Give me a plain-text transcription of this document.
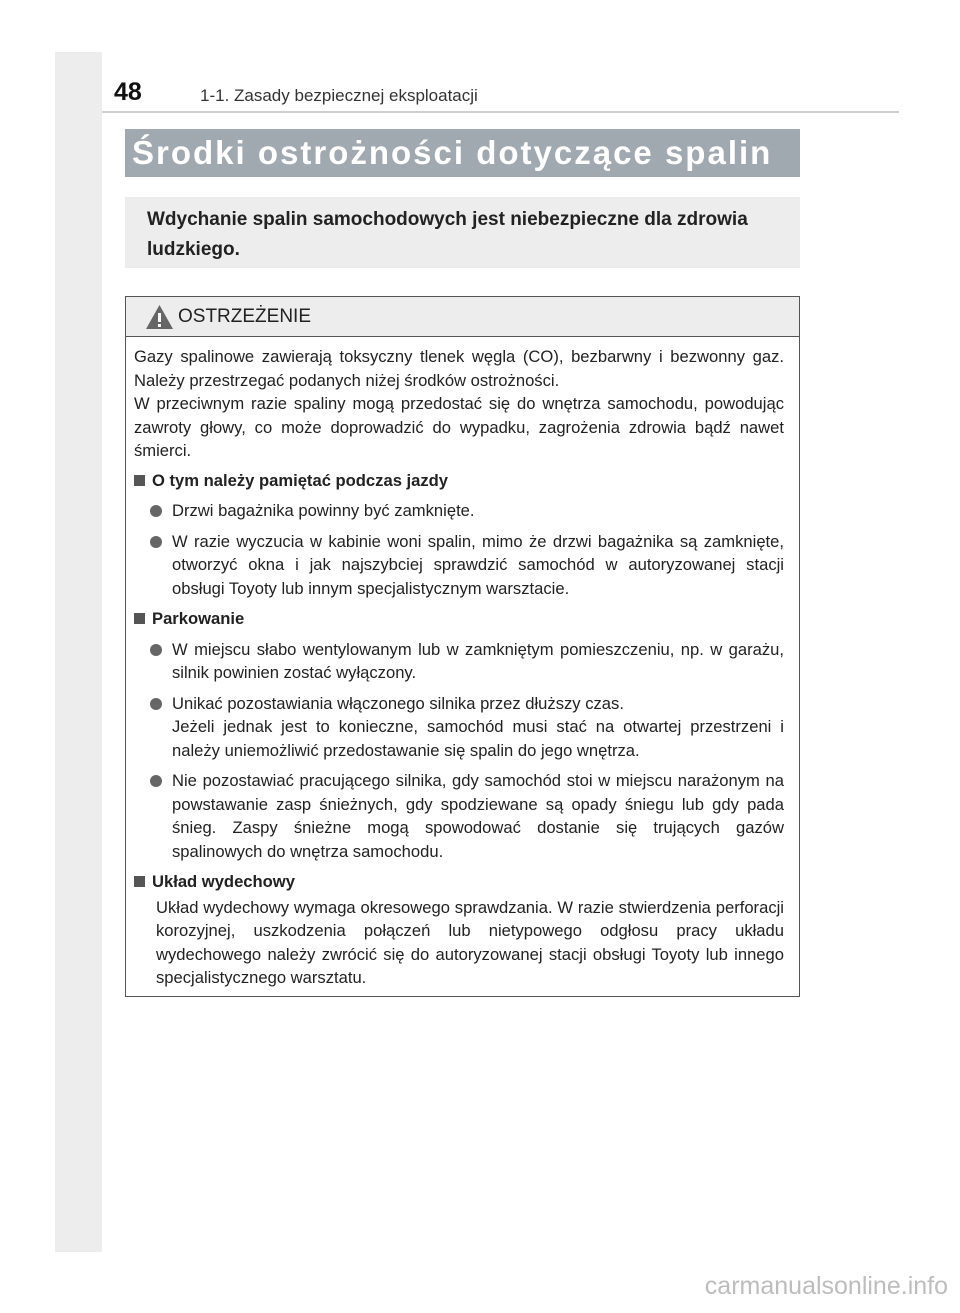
48	1-1. Zasady bezpiecznej eksploatacji
Środki ostrożności dotyczące spalin
Wdychanie spalin samochodowych jest niebezpieczne dla zdrowia ludzkiego.
OSTRZEŻENIE
Gazy spalinowe zawierają toksyczny tlenek węgla (CO), bezbarwny i bezwonny gaz. Należy przestrzegać podanych niżej środków ostrożności.
W przeciwnym razie spaliny mogą przedostać się do wnętrza samochodu, powodując zawroty głowy, co może doprowadzić do wypadku, zagrożenia zdrowia bądź nawet śmierci.
O tym należy pamiętać podczas jazdy
Drzwi bagażnika powinny być zamknięte.
W razie wyczucia w kabinie woni spalin, mimo że drzwi bagażnika są zamknięte, otworzyć okna i jak najszybciej sprawdzić samochód w autoryzowanej stacji obsługi Toyoty lub innym specjalistycznym warsztacie.
Parkowanie
W miejscu słabo wentylowanym lub w zamkniętym pomieszczeniu, np. w garażu, silnik powinien zostać wyłączony.
Unikać pozostawiania włączonego silnika przez dłuższy czas.
Jeżeli jednak jest to konieczne, samochód musi stać na otwartej przestrzeni i należy uniemożliwić przedostawanie się spalin do jego wnętrza.
Nie pozostawiać pracującego silnika, gdy samochód stoi w miejscu narażonym na powstawanie zasp śnieżnych, gdy spodziewane są opady śniegu lub gdy pada śnieg. Zaspy śnieżne mogą spowodować dostanie się trujących gazów spalinowych do wnętrza samochodu.
Układ wydechowy
Układ wydechowy wymaga okresowego sprawdzania. W razie stwierdzenia perforacji korozyjnej, uszkodzenia połączeń lub nietypowego odgłosu pracy układu wydechowego należy zwrócić się do autoryzowanej stacji obsługi Toyoty lub innego specjalistycznego warsztatu.
carmanualsonline.info
